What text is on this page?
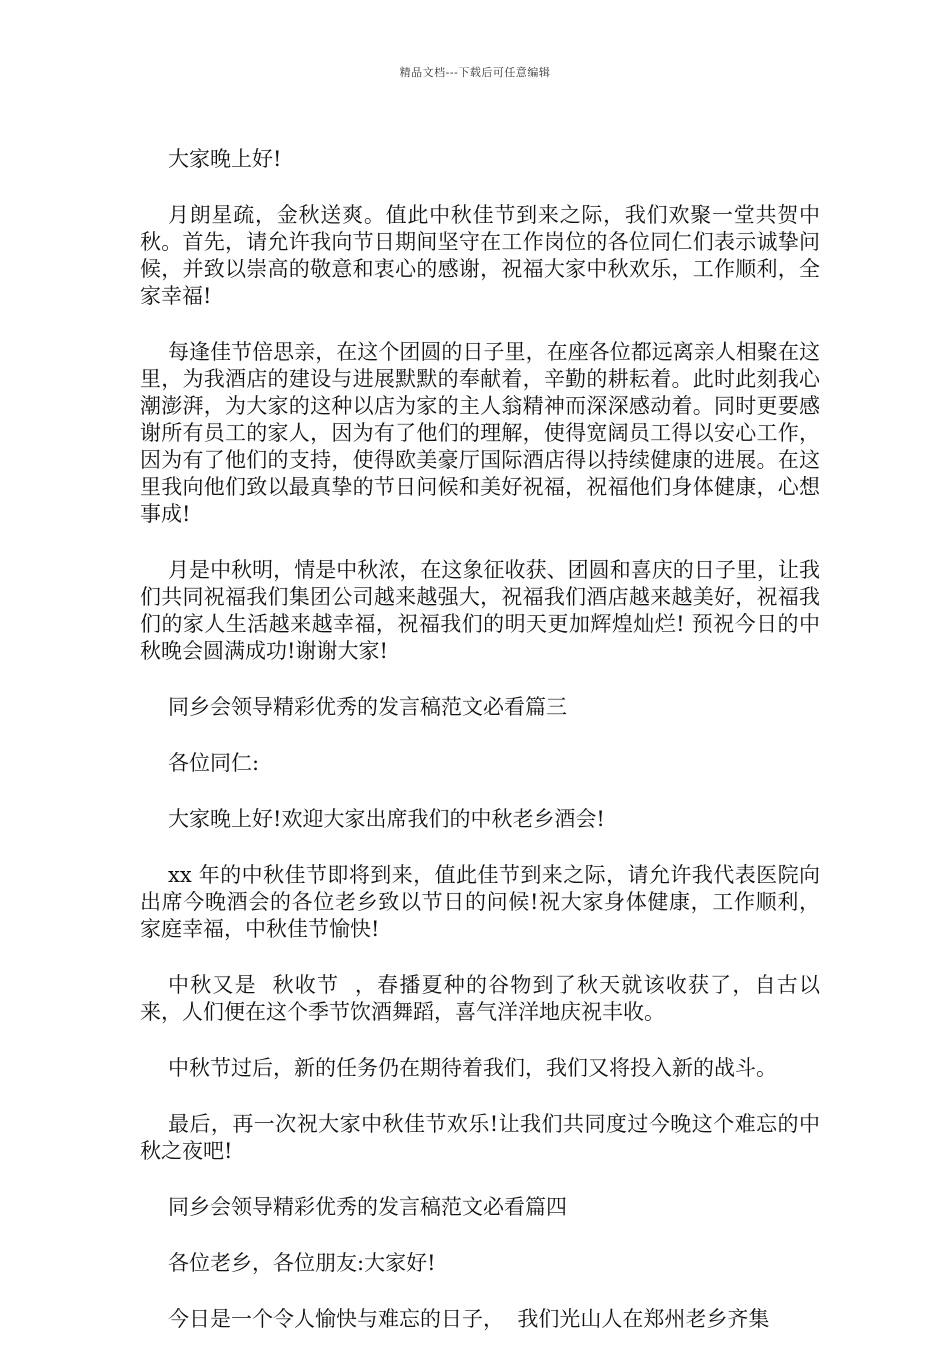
精品文档---下载后可任意编辑

大家晚上好!

月朗星疏，金秋送爽。值此中秋佳节到来之际，我们欢聚一堂共贺中秋。首先，请允许我向节日期间坚守在工作岗位的各位同仁们表示诚挚问候，并致以崇高的敬意和衷心的感谢，祝福大家中秋欢乐，工作顺利，全家幸福!

每逢佳节倍思亲，在这个团圆的日子里，在座各位都远离亲人相聚在这里，为我酒店的建设与进展默默的奉献着，辛勤的耕耘着。此时此刻我心潮澎湃，为大家的这种以店为家的主人翁精神而深深感动着。同时更要感谢所有员工的家人，因为有了他们的理解，使得宽阔员工得以安心工作，因为有了他们的支持，使得欧美豪厅国际酒店得以持续健康的进展。在这里我向他们致以最真挚的节日问候和美好祝福，祝福他们身体健康，心想事成!

月是中秋明，情是中秋浓，在这象征收获、团圆和喜庆的日子里，让我们共同祝福我们集团公司越来越强大，祝福我们酒店越来越美好，祝福我们的家人生活越来越幸福，祝福我们的明天更加辉煌灿烂! 预祝今日的中秋晚会圆满成功!谢谢大家!

同乡会领导精彩优秀的发言稿范文必看篇三

各位同仁:

大家晚上好!欢迎大家出席我们的中秋老乡酒会!

xx 年的中秋佳节即将到来，值此佳节到来之际，请允许我代表医院向出席今晚酒会的各位老乡致以节日的问候!祝大家身体健康，工作顺利，家庭幸福，中秋佳节愉快!

中秋又是  秋收节  ，春播夏种的谷物到了秋天就该收获了，自古以来，人们便在这个季节饮酒舞蹈，喜气洋洋地庆祝丰收。

中秋节过后，新的任务仍在期待着我们，我们又将投入新的战斗。

最后，再一次祝大家中秋佳节欢乐!让我们共同度过今晚这个难忘的中秋之夜吧!

同乡会领导精彩优秀的发言稿范文必看篇四

各位老乡，各位朋友:大家好!

今日是一个令人愉快与难忘的日子，  我们光山人在郑州老乡齐集
